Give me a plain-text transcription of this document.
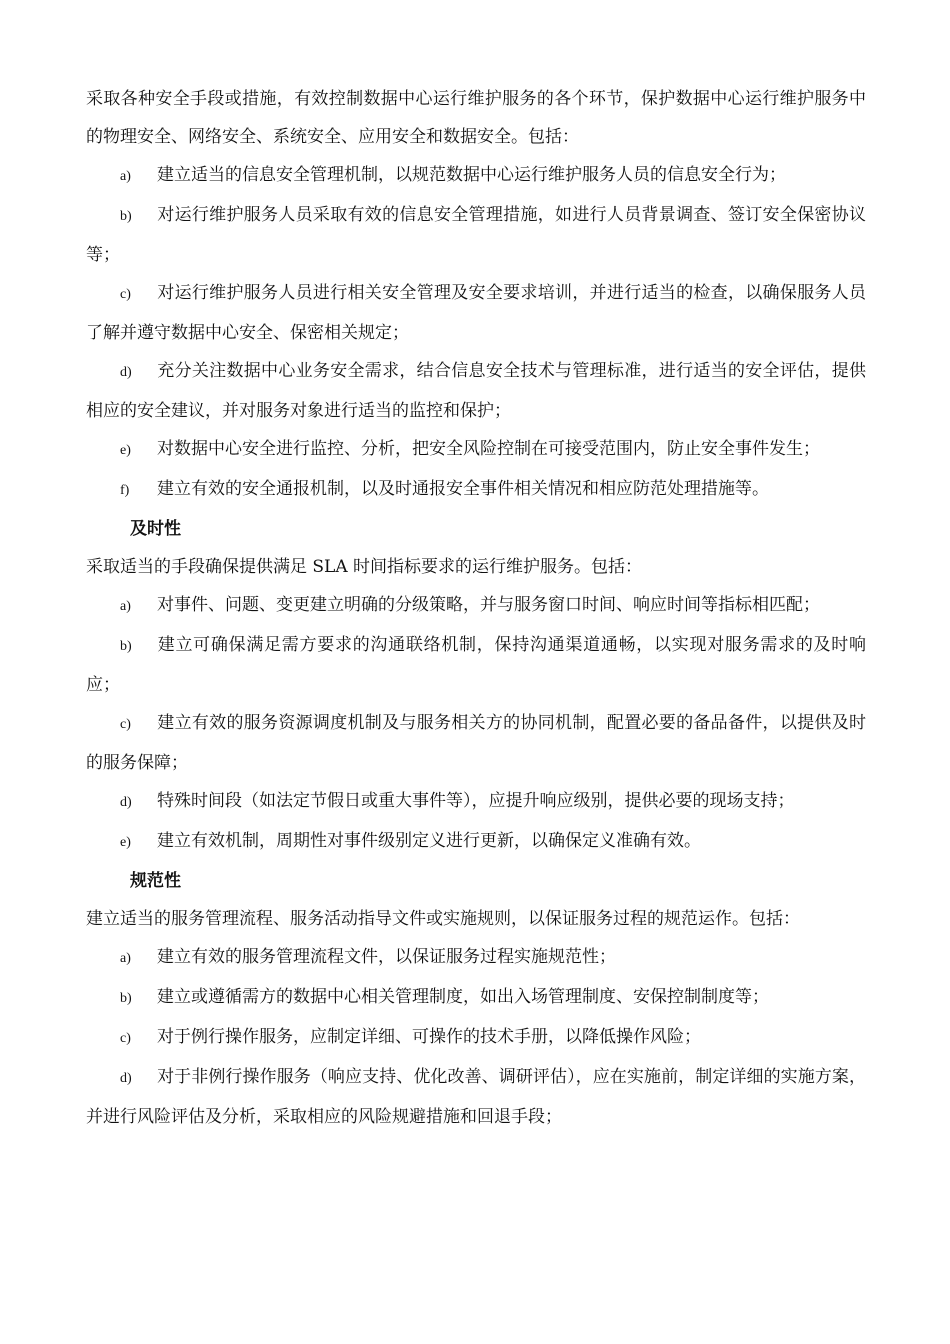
采取各种安全手段或措施，有效控制数据中心运行维护服务的各个环节，保护数据中心运行维护服务中的物理安全、网络安全、系统安全、应用安全和数据安全。包括：

a) 建立适当的信息安全管理机制，以规范数据中心运行维护服务人员的信息安全行为；

b) 对运行维护服务人员采取有效的信息安全管理措施，如进行人员背景调查、签订安全保密协议等；

c) 对运行维护服务人员进行相关安全管理及安全要求培训，并进行适当的检查，以确保服务人员了解并遵守数据中心安全、保密相关规定；

d) 充分关注数据中心业务安全需求，结合信息安全技术与管理标准，进行适当的安全评估，提供相应的安全建议，并对服务对象进行适当的监控和保护；

e) 对数据中心安全进行监控、分析，把安全风险控制在可接受范围内，防止安全事件发生；

f) 建立有效的安全通报机制，以及时通报安全事件相关情况和相应防范处理措施等。

及时性

采取适当的手段确保提供满足 SLA 时间指标要求的运行维护服务。包括：

a) 对事件、问题、变更建立明确的分级策略，并与服务窗口时间、响应时间等指标相匹配；

b) 建立可确保满足需方要求的沟通联络机制，保持沟通渠道通畅，以实现对服务需求的及时响应；

c) 建立有效的服务资源调度机制及与服务相关方的协同机制，配置必要的备品备件，以提供及时的服务保障；

d) 特殊时间段（如法定节假日或重大事件等），应提升响应级别，提供必要的现场支持；

e) 建立有效机制，周期性对事件级别定义进行更新，以确保定义准确有效。

规范性

建立适当的服务管理流程、服务活动指导文件或实施规则，以保证服务过程的规范运作。包括：

a) 建立有效的服务管理流程文件，以保证服务过程实施规范性；

b) 建立或遵循需方的数据中心相关管理制度，如出入场管理制度、安保控制制度等；

c) 对于例行操作服务，应制定详细、可操作的技术手册，以降低操作风险；

d) 对于非例行操作服务（响应支持、优化改善、调研评估），应在实施前，制定详细的实施方案，并进行风险评估及分析，采取相应的风险规避措施和回退手段；
